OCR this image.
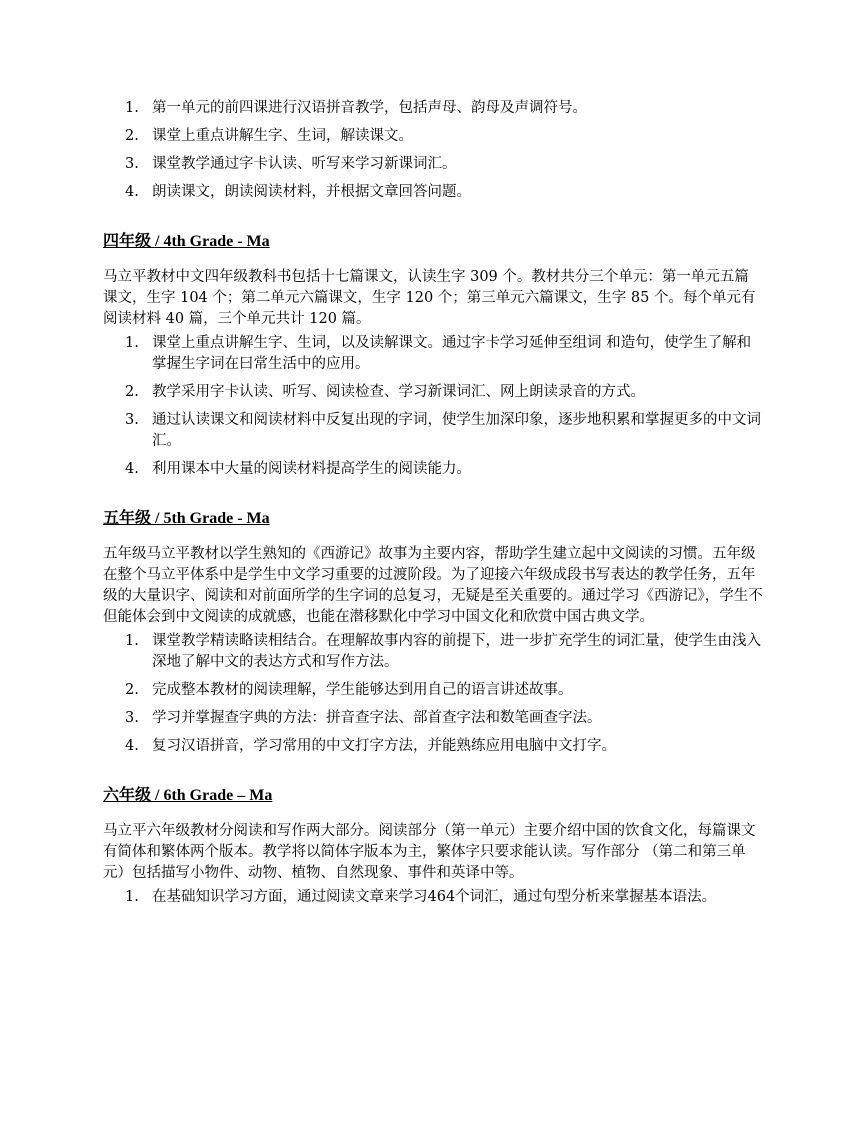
1. 第一单元的前四课进行汉语拼音教学，包括声母、韵母及声调符号。
2. 课堂上重点讲解生字、生词，解读课文。
3. 课堂教学通过字卡认读、听写来学习新课词汇。
4. 朗读课文，朗读阅读材料，并根据文章回答问题。
四年级 / 4th Grade - Ma

马立平教材中文四年级教科书包括十七篇课文，认读生字 309 个。教材共分三个单元：第一单元五篇课文，生字 104 个；第二单元六篇课文，生字 120 个；第三单元六篇课文，生字 85 个。每个单元有阅读材料 40 篇，三个单元共计 120 篇。

1. 课堂上重点讲解生字、生词，以及读解课文。通过字卡学习延伸至组词 和造句，使学生了解和掌握生字词在曰常生活中的应用。
2. 教学采用字卡认读、听写、阅读检查、学习新课词汇、网上朗读录音的方式。
3. 通过认读课文和阅读材料中反复出现的字词，使学生加深印象，逐步地积累和掌握更多的中文词汇。
4. 利用课本中大量的阅读材料提高学生的阅读能力。
五年级 / 5th Grade - Ma

五年级马立平教材以学生熟知的《西游记》故事为主要内容，帮助学生建立起中文阅读的习惯。五年级在整个马立平体系中是学生中文学习重要的过渡阶段。为了迎接六年级成段书写表达的教学任务，五年级的大量识字、阅读和对前面所学的生字词的总复习，无疑是至关重要的。通过学习《西游记》，学生不但能体会到中文阅读的成就感，也能在潜移默化中学习中国文化和欣赏中国古典文学。

1. 课堂教学精读略读相结合。在理解故事内容的前提下，进一步扩充学生的词汇量，使学生由浅入深地了解中文的表达方式和写作方法。
2. 完成整本教材的阅读理解，学生能够达到用自己的语言讲述故事。
3. 学习并掌握查字典的方法：拼音查字法、部首查字法和数笔画查字法。
4. 复习汉语拼音，学习常用的中文打字方法，并能熟练应用电脑中文打字。
六年级 / 6th Grade – Ma

马立平六年级教材分阅读和写作两大部分。阅读部分（第一单元）主要介绍中国的饮食文化，每篇课文有简体和繁体两个版本。教学将以简体字版本为主，繁体字只要求能认读。写作部分 （第二和第三单元）包括描写小物件、动物、植物、自然现象、事件和英译中等。

1. 在基础知识学习方面，通过阅读文章来学习464个词汇，通过句型分析来掌握基本语法。
